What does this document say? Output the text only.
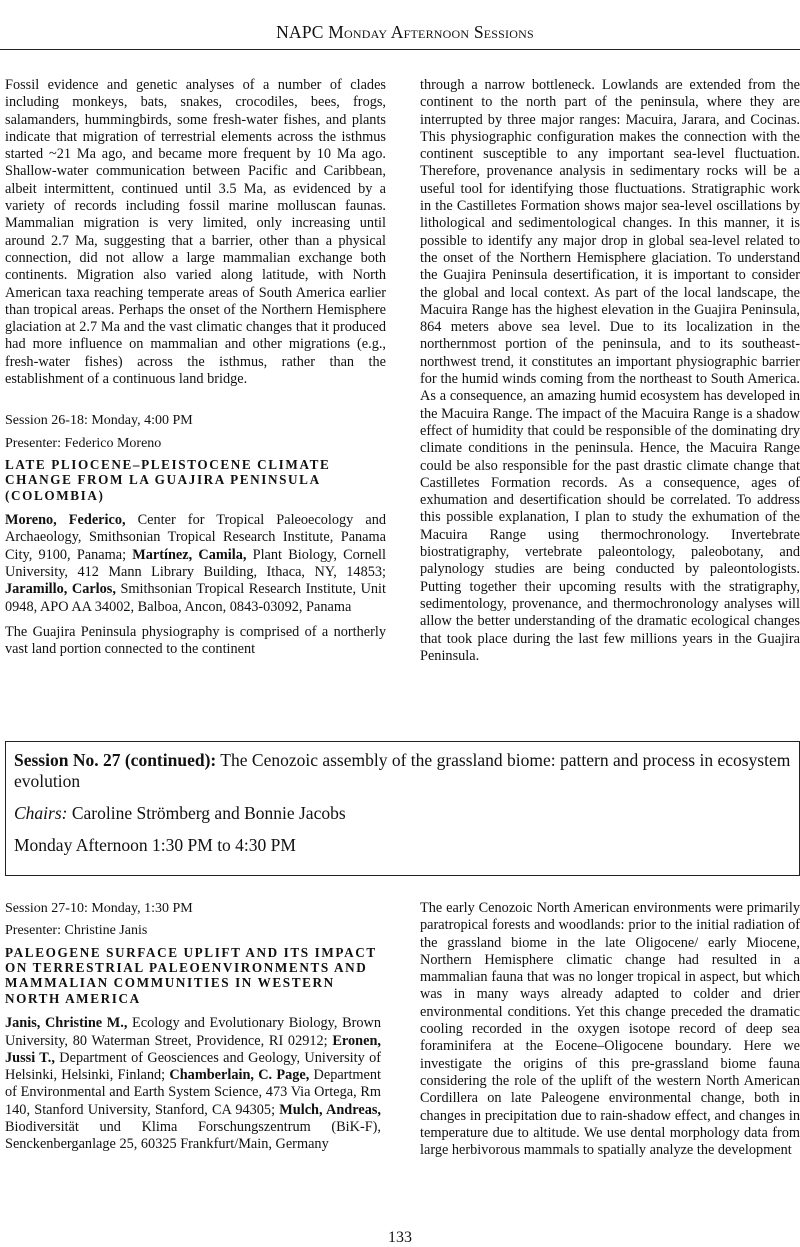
NAPC Monday Afternoon Sessions

Fossil evidence and genetic analyses of a number of clades including monkeys, bats, snakes, crocodiles, bees, frogs, salamanders, hummingbirds, some fresh-water fishes, and plants indicate that migration of terrestrial elements across the isthmus started ~21 Ma ago, and became more frequent by 10 Ma ago. Shallow-water communication between Pacific and Caribbean, albeit intermittent, continued until 3.5 Ma, as evidenced by a variety of records including fossil marine molluscan faunas. Mammalian migration is very limited, only increasing until around 2.7 Ma, suggesting that a barrier, other than a physical connection, did not allow a large mammalian exchange both continents. Migration also varied along latitude, with North American taxa reaching temperate areas of South America earlier than tropical areas. Perhaps the onset of the Northern Hemisphere glaciation at 2.7 Ma and the vast climatic changes that it produced had more influence on mammalian and other migrations (e.g., fresh-water fishes) across the isthmus, rather than the establishment of a continuous land bridge.

Session 26-18: Monday, 4:00 PM
Presenter: Federico Moreno
LATE PLIOCENE–PLEISTOCENE CLIMATE CHANGE FROM LA GUAJIRA PENINSULA (COLOMBIA)

Moreno, Federico, Center for Tropical Paleoecology and Archaeology, Smithsonian Tropical Research Institute, Panama City, 9100, Panama; Martínez, Camila, Plant Biology, Cornell University, 412 Mann Library Building, Ithaca, NY, 14853; Jaramillo, Carlos, Smithsonian Tropical Research Institute, Unit 0948, APO AA 34002, Balboa, Ancon, 0843-03092, Panama

The Guajira Peninsula physiography is comprised of a northerly vast land portion connected to the continent

through a narrow bottleneck. Lowlands are extended from the continent to the north part of the peninsula, where they are interrupted by three major ranges: Macuira, Jarara, and Cocinas. This physiographic configuration makes the connection with the continent susceptible to any important sea-level fluctuation. Therefore, provenance analysis in sedimentary rocks will be a useful tool for identifying those fluctuations. Stratigraphic work in the Castilletes Formation shows major sea-level oscillations by lithological and sedimentological changes. In this manner, it is possible to identify any major drop in global sea-level related to the onset of the Northern Hemisphere glaciation. To understand the Guajira Peninsula desertification, it is important to consider the global and local context. As part of the local landscape, the Macuira Range has the highest elevation in the Guajira Peninsula, 864 meters above sea level. Due to its localization in the northernmost portion of the peninsula, and to its southeast-northwest trend, it constitutes an important physiographic barrier for the humid winds coming from the northeast to South America. As a consequence, an amazing humid ecosystem has developed in the Macuira Range. The impact of the Macuira Range is a shadow effect of humidity that could be responsible of the dominating dry climate conditions in the peninsula. Hence, the Macuira Range could be also responsible for the past drastic climate change that Castilletes Formation records. As a consequence, ages of exhumation and desertification should be correlated. To address this possible explanation, I plan to study the exhumation of the Macuira Range using thermochronology. Invertebrate biostratigraphy, vertebrate paleontology, paleobotany, and palynology studies are being conducted by paleontologists. Putting together their upcoming results with the stratigraphy, sedimentology, provenance, and thermochronology analyses will allow the better understanding of the dramatic ecological changes that took place during the last few millions years in the Guajira Peninsula.

Session No. 27 (continued): The Cenozoic assembly of the grassland biome: pattern and process in ecosystem evolution
Chairs: Caroline Strömberg and Bonnie Jacobs
Monday Afternoon 1:30 PM to 4:30 PM
Session 27-10: Monday, 1:30 PM
Presenter: Christine Janis
PALEOGENE SURFACE UPLIFT AND ITS IMPACT ON TERRESTRIAL PALEOENVIRONMENTS AND MAMMALIAN COMMUNITIES IN WESTERN NORTH AMERICA

Janis, Christine M., Ecology and Evolutionary Biology, Brown University, 80 Waterman Street, Providence, RI 02912; Eronen, Jussi T., Department of Geosciences and Geology, University of Helsinki, Helsinki, Finland; Chamberlain, C. Page, Department of Environmental and Earth System Science, 473 Via Ortega, Rm 140, Stanford University, Stanford, CA 94305; Mulch, Andreas, Biodiversität und Klima Forschungszentrum (BiK-F), Senckenberganlage 25, 60325 Frankfurt/Main, Germany

The early Cenozoic North American environments were primarily paratropical forests and woodlands: prior to the initial radiation of the grassland biome in the late Oligocene/ early Miocene, Northern Hemisphere climatic change had resulted in a mammalian fauna that was no longer tropical in aspect, but which was in many ways already adapted to colder and drier environmental conditions. Yet this change preceded the dramatic cooling recorded in the oxygen isotope record of deep sea foraminifera at the Eocene–Oligocene boundary. Here we investigate the origins of this pre-grassland biome fauna considering the role of the uplift of the western North American Cordillera on late Paleogene environmental change, both in changes in precipitation due to rain-shadow effect, and changes in temperature due to altitude. We use dental morphology data from large herbivorous mammals to spatially analyze the development

133
